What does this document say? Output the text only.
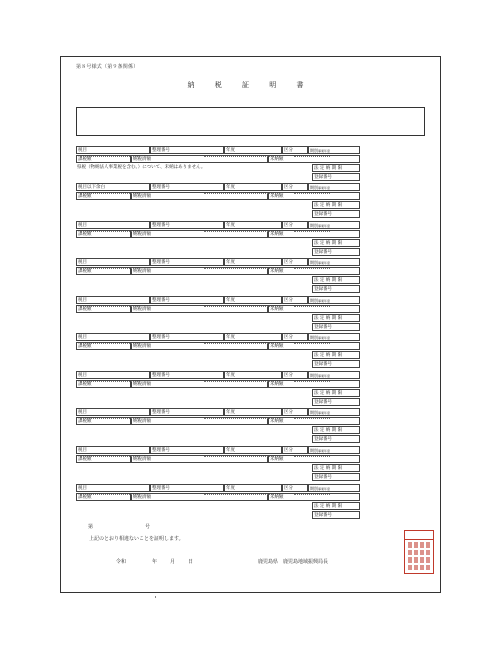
第８号様式（第９条関係）
納 税 証 明 書
税目	整理番号	年度	区分	期別事業年度
課税額	納税済額	未納額
県税（物納法人事業税を含む。）について、未納はありません。	法 定 納 期 限
登録番号
税目以下余白	整理番号	年度	区分	期別事業年度
課税額	納税済額	未納額
法 定 納 期 限
登録番号
税目	整理番号	年度	区分	期別事業年度
課税額	納税済額	未納額
法 定 納 期 限
登録番号
税目	整理番号	年度	区分	期別事業年度
課税額	納税済額	未納額
法 定 納 期 限
登録番号
税目	整理番号	年度	区分	期別事業年度
課税額	納税済額	未納額
法 定 納 期 限
登録番号
税目	整理番号	年度	区分	期別事業年度
課税額	納税済額	未納額
法 定 納 期 限
登録番号
税目	整理番号	年度	区分	期別事業年度
課税額	納税済額	未納額
法 定 納 期 限
登録番号
税目	整理番号	年度	区分	期別事業年度
課税額	納税済額	未納額
法 定 納 期 限
登録番号
税目	整理番号	年度	区分	期別事業年度
課税額	納税済額	未納額
法 定 納 期 限
登録番号
税目	整理番号	年度	区分	期別事業年度
課税額	納税済額	未納額
法 定 納 期 限
登録番号
第	号
上記のとおり相違ないことを証明します。
令和	年	月	日	鹿児島県　鹿児島地域振興局長
